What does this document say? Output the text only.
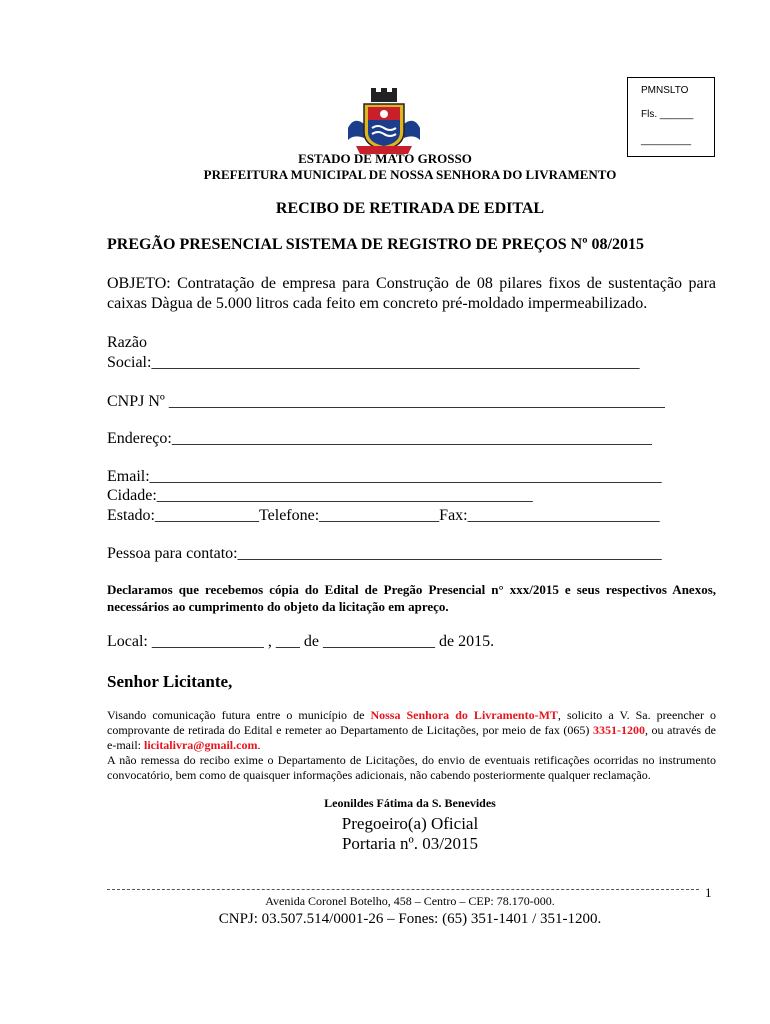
PMNSLTO
Fls. ______
_________
ESTADO DE MATO GROSSO
PREFEITURA MUNICIPAL DE NOSSA SENHORA DO LIVRAMENTO
RECIBO DE RETIRADA DE EDITAL
PREGÃO PRESENCIAL SISTEMA DE REGISTRO DE PREÇOS Nº 08/2015
OBJETO: Contratação de empresa para Construção de 08 pilares fixos de sustentação para caixas Dàgua de 5.000 litros cada feito em concreto pré-moldado impermeabilizado.
Razão
Social:_____________________________________________________________
CNPJ Nº ______________________________________________________________
Endereço:____________________________________________________________
Email:________________________________________________________________
Cidade:_______________________________________________
Estado:_____________Telefone:_______________Fax:________________________
Pessoa para contato:_____________________________________________________
Declaramos que recebemos cópia do Edital de Pregão Presencial n° xxx/2015 e seus respectivos Anexos, necessários ao cumprimento do objeto da licitação em apreço.
Local: ______________ , ___ de ______________ de 2015.
Senhor Licitante,
Visando comunicação futura entre o município de Nossa Senhora do Livramento-MT, solicito a V. Sa. preencher o comprovante de retirada do Edital e remeter ao Departamento de Licitações, por meio de fax (065) 3351-1200, ou através de e-mail: licitalivra@gmail.com.
A não remessa do recibo exime o Departamento de Licitações, do envio de eventuais retificações ocorridas no instrumento convocatório, bem como de quaisquer informações adicionais, não cabendo posteriormente qualquer reclamação.
Leonildes Fátima da S. Benevides
Pregoeiro(a) Oficial
Portaria nº. 03/2015
1
Avenida Coronel Botelho, 458 – Centro – CEP: 78.170-000.
CNPJ: 03.507.514/0001-26 – Fones: (65) 351-1401 / 351-1200.
